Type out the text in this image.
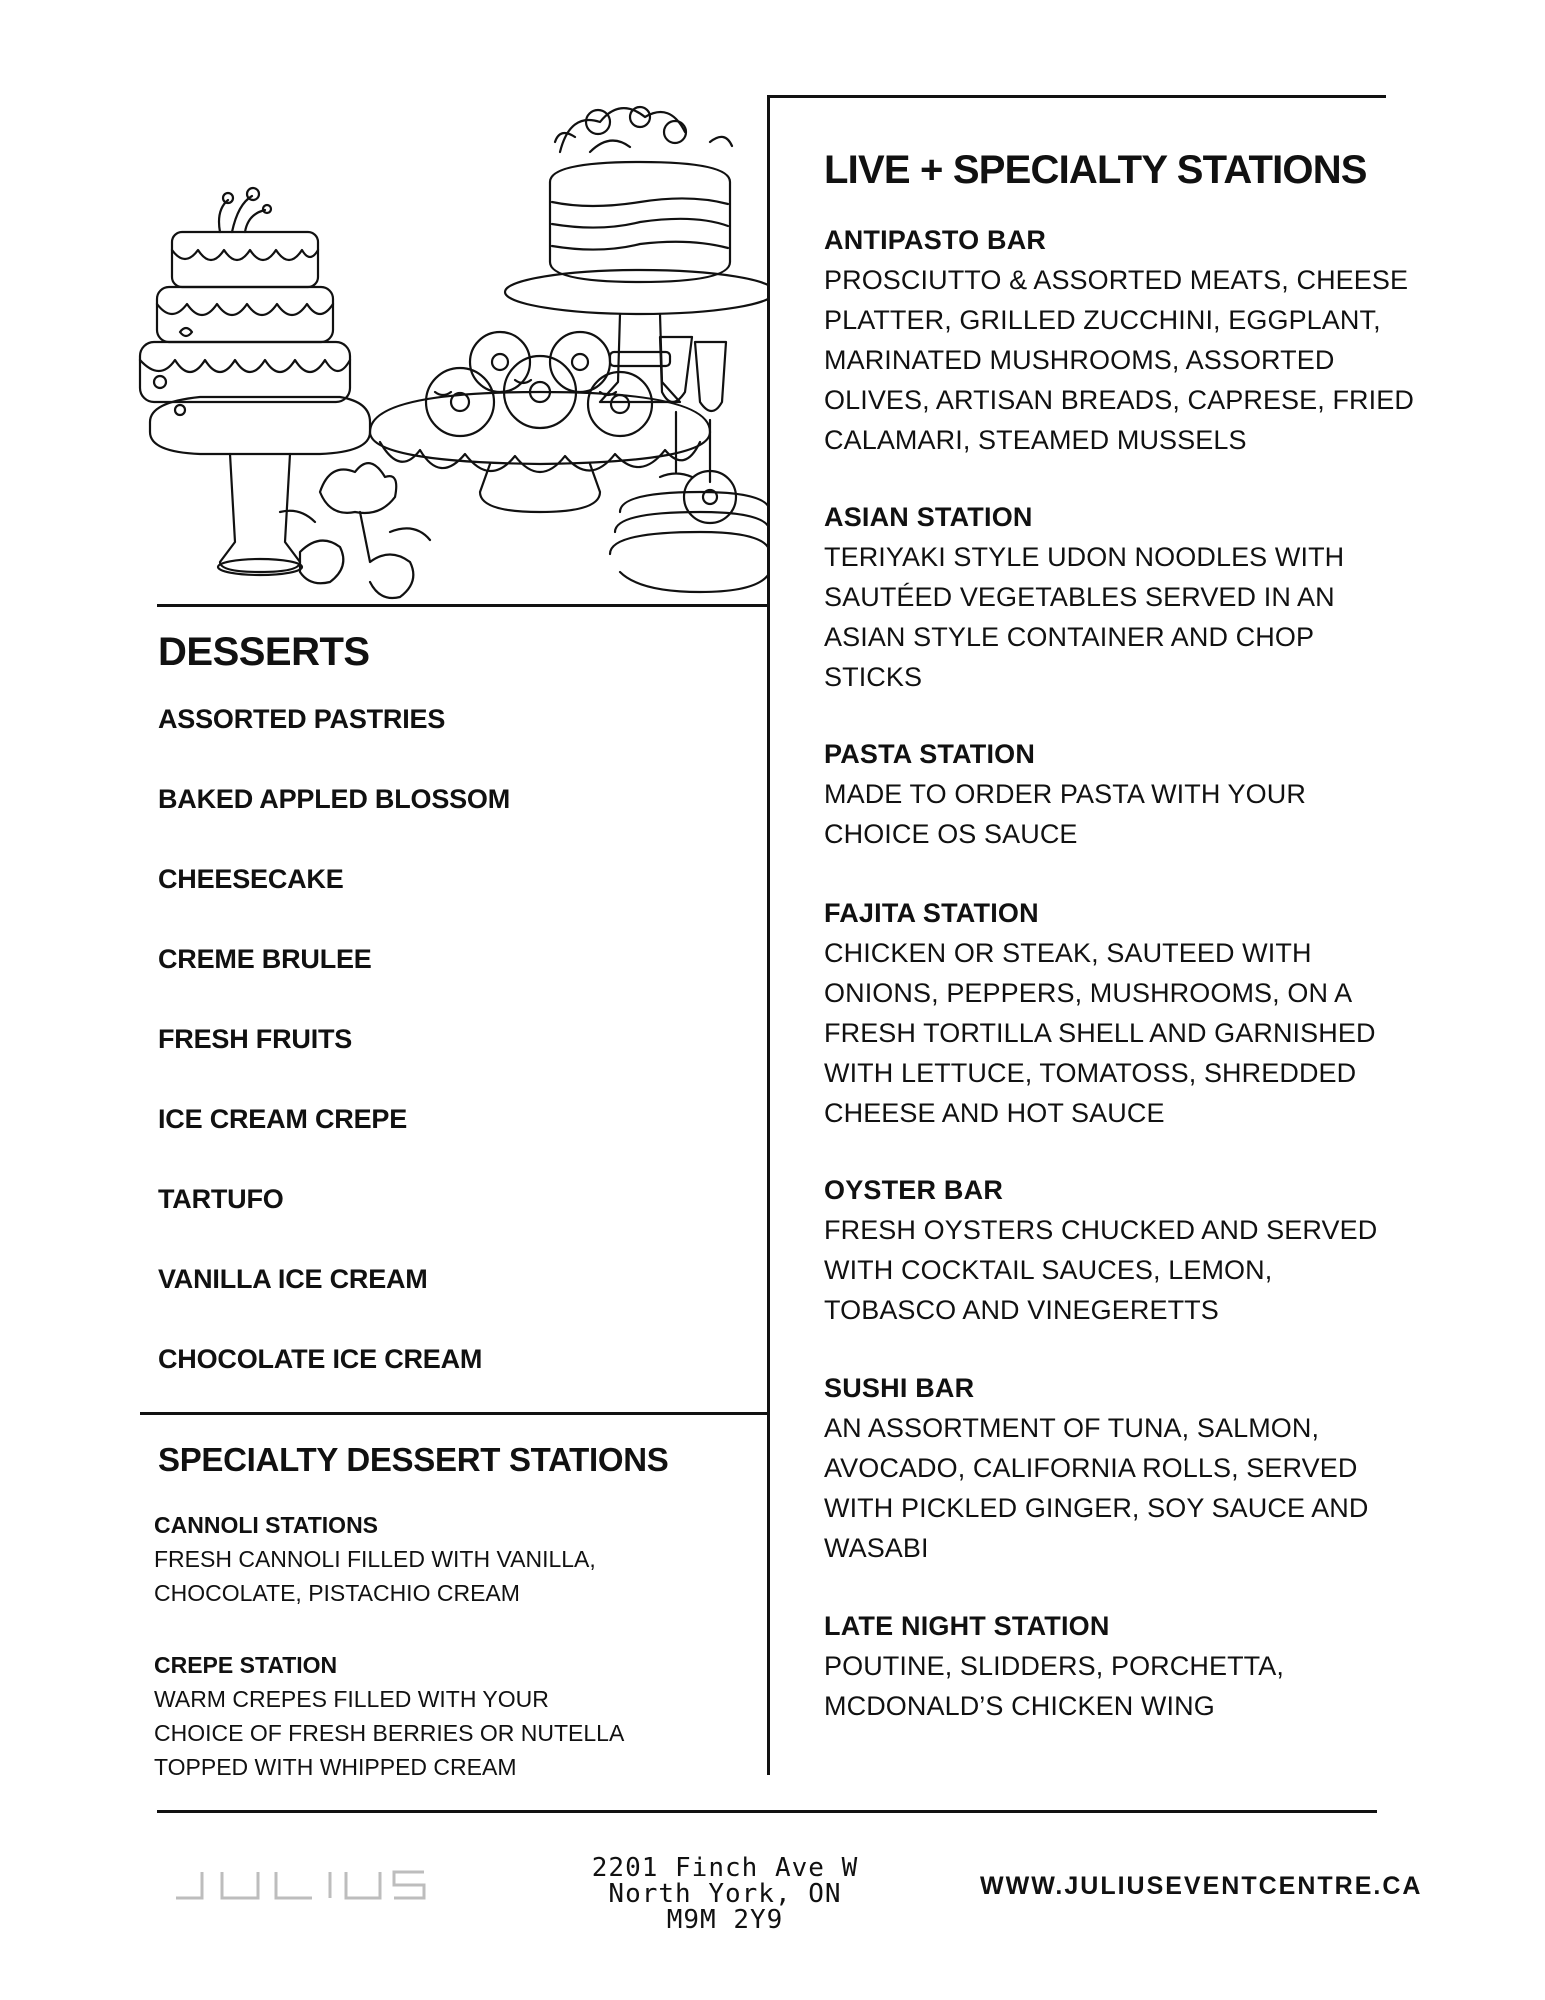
DESSERTS
ASSORTED PASTRIES
BAKED APPLED BLOSSOM
CHEESECAKE
CREME BRULEE
FRESH FRUITS
ICE CREAM CREPE
TARTUFO
VANILLA ICE CREAM
CHOCOLATE ICE CREAM
SPECIALTY DESSERT STATIONS
CANNOLI STATIONS
FRESH CANNOLI FILLED WITH VANILLA,
CHOCOLATE, PISTACHIO CREAM
CREPE STATION
WARM CREPES FILLED WITH YOUR
CHOICE OF FRESH BERRIES OR NUTELLA
TOPPED WITH WHIPPED CREAM
LIVE + SPECIALTY STATIONS
ANTIPASTO BAR
PROSCIUTTO & ASSORTED MEATS, CHEESE
PLATTER, GRILLED ZUCCHINI, EGGPLANT,
MARINATED MUSHROOMS, ASSORTED
OLIVES, ARTISAN BREADS, CAPRESE, FRIED
CALAMARI, STEAMED MUSSELS
ASIAN STATION
TERIYAKI STYLE UDON NOODLES WITH
SAUTÉED VEGETABLES SERVED IN AN
ASIAN STYLE CONTAINER AND CHOP
STICKS
PASTA STATION
MADE TO ORDER PASTA WITH YOUR
CHOICE OS SAUCE
FAJITA STATION
CHICKEN OR STEAK, SAUTEED WITH
ONIONS, PEPPERS, MUSHROOMS, ON A
FRESH TORTILLA SHELL AND GARNISHED
WITH LETTUCE, TOMATOSS, SHREDDED
CHEESE AND HOT SAUCE
OYSTER BAR
FRESH OYSTERS CHUCKED AND SERVED
WITH COCKTAIL SAUCES, LEMON,
TOBASCO AND VINEGERETTS
SUSHI BAR
AN ASSORTMENT OF TUNA, SALMON,
AVOCADO, CALIFORNIA ROLLS, SERVED
WITH PICKLED GINGER, SOY SAUCE AND
WASABI
LATE NIGHT STATION
POUTINE, SLIDDERS, PORCHETTA,
MCDONALD’S CHICKEN WING
2201 Finch Ave W
North York, ON
M9M 2Y9
WWW.JULIUSEVENTCENTRE.CA
